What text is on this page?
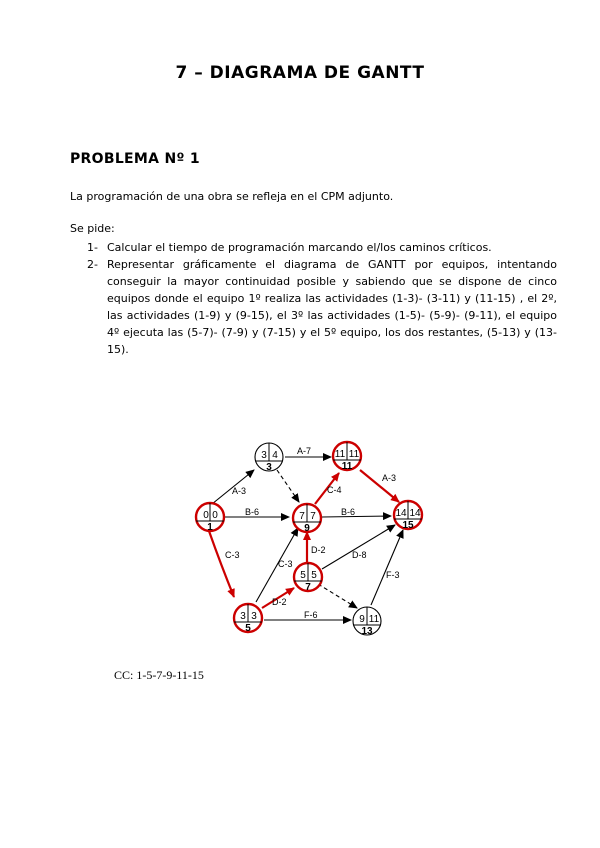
7 – DIAGRAMA DE GANTT
PROBLEMA Nº 1
La programación de una obra se refleja en el CPM adjunto.
Se pide:
1- Calcular el tiempo de programación marcando el/los caminos críticos.
2- Representar gráficamente el diagrama de GANTT por equipos, intentando conseguir la mayor continuidad posible y sabiendo que se dispone de cinco equipos donde el equipo 1º realiza las actividades (1-3)- (3-11) y (11-15) , el 2º, las actividades (1-9) y (9-15), el 3º las actividades (1-5)- (5-9)- (9-11), el equipo 4º ejecuta las (5-7)- (7-9) y (7-15) y el 5º equipo, los dos restantes, (5-13) y (13-15).
A-3
A-7
A-3
B-6	B-6
C-4
C-3
C-3
D-2
D-2
D-8
F-6
F-3
0 0
1
3 4
3
11 11
11
7 7
9
14 14
15
5 5
7
3 3
5
9 11
13
CC: 1-5-7-9-11-15
